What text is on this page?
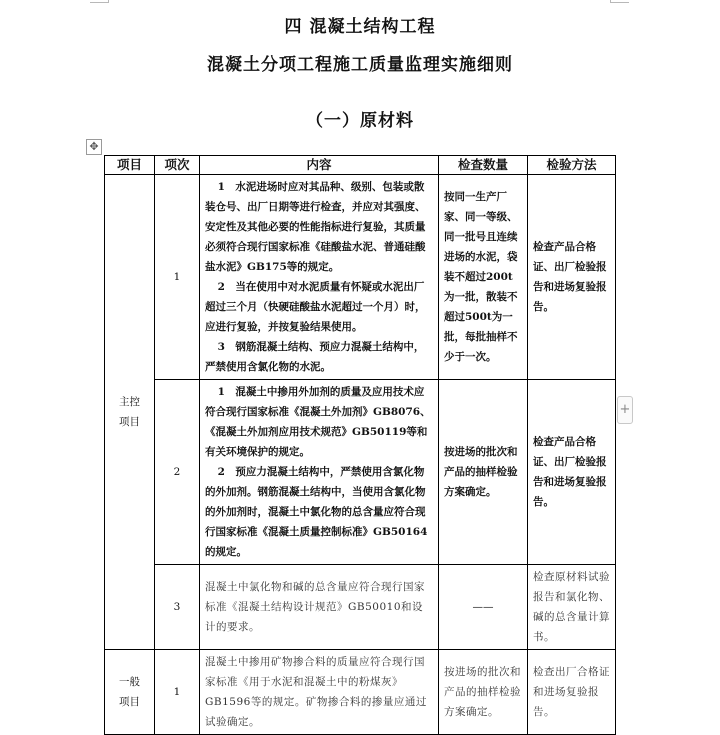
四 混凝土结构工程
混凝土分项工程施工质量监理实施细则
（一）原材料
✥
+
项目	项次	内容	检查数量	检验方法
主控项目	1	1　水泥进场时应对其品种、级别、包装或散装仓号、出厂日期等进行检查，并应对其强度、安定性及其他必要的性能指标进行复验，其质量必须符合现行国家标准《硅酸盐水泥、普通硅酸盐水泥》GB175等的规定。
2　当在使用中对水泥质量有怀疑或水泥出厂超过三个月（快硬硅酸盐水泥超过一个月）时，应进行复验，并按复验结果使用。
3　钢筋混凝土结构、预应力混凝土结构中，严禁使用含氯化物的水泥。	按同一生产厂家、同一等级、同一批号且连续进场的水泥，袋装不超过200t为一批，散装不超过500t为一批，每批抽样不少于一次。	检查产品合格证、出厂检验报告和进场复验报告。
	2	1　混凝土中掺用外加剂的质量及应用技术应符合现行国家标准《混凝土外加剂》GB8076、《混凝土外加剂应用技术规范》GB50119等和有关环境保护的规定。
2　预应力混凝土结构中，严禁使用含氯化物的外加剂。钢筋混凝土结构中，当使用含氯化物的外加剂时，混凝土中氯化物的总含量应符合现行国家标准《混凝土质量控制标准》GB50164的规定。	按进场的批次和产品的抽样检验方案确定。	检查产品合格证、出厂检验报告和进场复验报告。
	3	混凝土中氯化物和碱的总含量应符合现行国家标准《混凝土结构设计规范》GB50010和设计的要求。	——	检查原材料试验报告和氯化物、碱的总含量计算书。
一般项目	1	混凝土中掺用矿物掺合料的质量应符合现行国家标准《用于水泥和混凝土中的粉煤灰》GB1596等的规定。矿物掺合料的掺量应通过试验确定。	按进场的批次和产品的抽样检验方案确定。	检查出厂合格证和进场复验报告。
